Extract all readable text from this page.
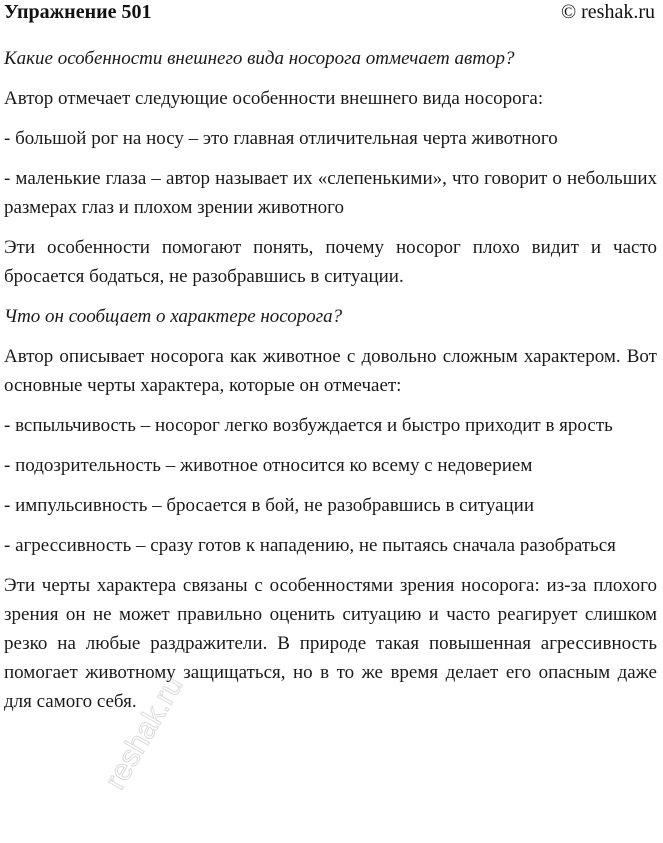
Упражнение 501	© reshak.ru

Какие особенности внешнего вида носорога отмечает автор?

Автор отмечает следующие особенности внешнего вида носорога:

- большой рог на носу – это главная отличительная черта животного

- маленькие глаза – автор называет их «слепенькими», что говорит о небольших размерах глаз и плохом зрении животного

Эти особенности помогают понять, почему носорог плохо видит и часто бросается бодаться, не разобравшись в ситуации.

Что он сообщает о характере носорога?

Автор описывает носорога как животное с довольно сложным характером. Вот основные черты характера, которые он отмечает:

- вспыльчивость – носорог легко возбуждается и быстро приходит в ярость

- подозрительность – животное относится ко всему с недоверием

- импульсивность – бросается в бой, не разобравшись в ситуации

- агрессивность – сразу готов к нападению, не пытаясь сначала разобраться

Эти черты характера связаны с особенностями зрения носорога: из-за плохого зрения он не может правильно оценить ситуацию и часто реагирует слишком резко на любые раздражители. В природе такая повышенная агрессивность помогает животному защищаться, но в то же время делает его опасным даже для самого себя.

reshak.ru
